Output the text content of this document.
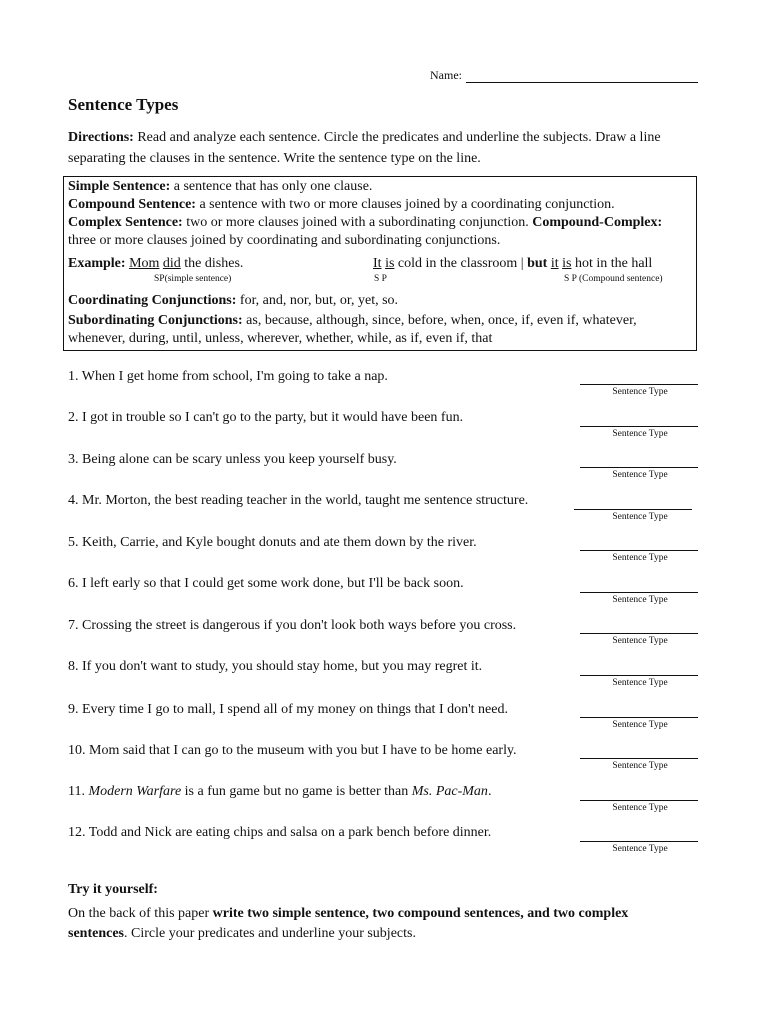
Name:
Sentence Types
Directions: Read and analyze each sentence. Circle the predicates and underline the subjects. Draw a line separating the clauses in the sentence. Write the sentence type on the line.
Simple Sentence: a sentence that has only one clause.
Compound Sentence: a sentence with two or more clauses joined by a coordinating conjunction.
Complex Sentence: two or more clauses joined with a subordinating conjunction. Compound-Complex: three or more clauses joined by coordinating and subordinating conjunctions.
Example: Mom did the dishes.
SP(simple sentence)
It is cold in the classroom | but it is hot in the hall
S P	S P (Compound sentence)
Coordinating Conjunctions: for, and, nor, but, or, yet, so.
Subordinating Conjunctions: as, because, although, since, before, when, once, if, even if, whatever, whenever, during, until, unless, wherever, whether, while, as if, even if, that
1. When I get home from school, I'm going to take a nap.
Sentence Type
2. I got in trouble so I can't go to the party, but it would have been fun.
Sentence Type
3. Being alone can be scary unless you keep yourself busy.
Sentence Type
4. Mr. Morton, the best reading teacher in the world, taught me sentence structure.
Sentence Type
5. Keith, Carrie, and Kyle bought donuts and ate them down by the river.
Sentence Type
6. I left early so that I could get some work done, but I'll be back soon.
Sentence Type
7. Crossing the street is dangerous if you don't look both ways before you cross.
Sentence Type
8. If you don't want to study, you should stay home, but you may regret it.
Sentence Type
9. Every time I go to mall, I spend all of my money on things that I don't need.
Sentence Type
10. Mom said that I can go to the museum with you but I have to be home early.
Sentence Type
11. Modern Warfare is a fun game but no game is better than Ms. Pac-Man.
Sentence Type
12. Todd and Nick are eating chips and salsa on a park bench before dinner.
Sentence Type
Try it yourself:
On the back of this paper write two simple sentence, two compound sentences, and two complex sentences. Circle your predicates and underline your subjects.
